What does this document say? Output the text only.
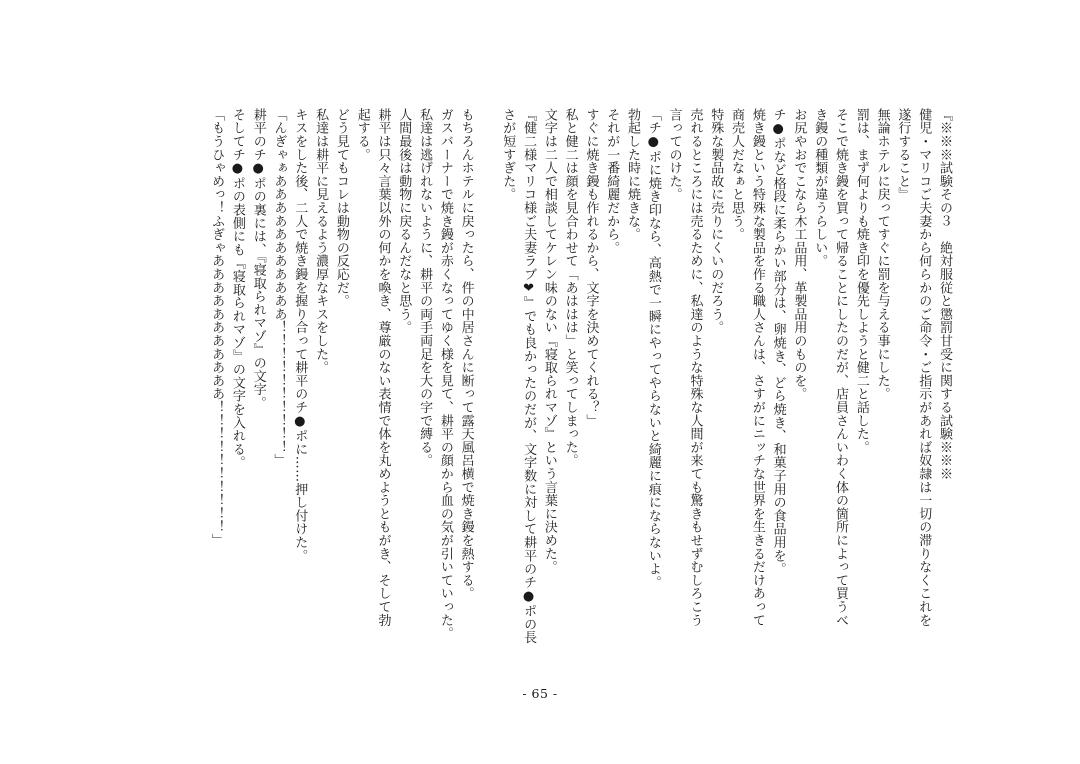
『※※※試験その３　絶対服従と懲罰甘受に関する試験※※※
健児・マリコご夫妻から何らかのご命令・ご指示があれば奴隷は一切の滞りなくこれを
遂行すること』
無論ホテルに戻ってすぐに罰を与える事にした。
罰は、まず何よりも焼き印を優先しようと健二と話した。
そこで焼き鏝を買って帰ることにしたのだが、店員さんいわく体の箇所によって買うべ
き鏝の種類が違うらしい。
お尻やおでこなら木工品用、革製品用のものを。
チ●ポなど格段に柔らかい部分は、卵焼き、どら焼き、和菓子用の食品用を。
焼き鏝という特殊な製品を作る職人さんは、さすがにニッチな世界を生きるだけあって
商売人だなぁと思う。
特殊な製品故に売りにくいのだろう。
売れるところには売るために、私達のような特殊な人間が来ても驚きもせずむしろこう
言ってのけた。
「チ●ポに焼き印なら、高熱で一瞬にやってやらないと綺麗に痕にならないよ。
勃起した時に焼きな。
それが一番綺麗だから。
すぐに焼き鏝も作れるから、文字を決めてくれる？」
私と健二は顔を見合わせて「あははは」と笑ってしまった。
文字は二人で相談してケレン味のない『寝取られマゾ』という言葉に決めた。
『健二様マリコ様ご夫妻ラブ❤』でも良かったのだが、文字数に対して耕平のチ●ポの長
さが短すぎた。

もちろんホテルに戻ったら、件の中居さんに断って露天風呂横で焼き鏝を熱する。
ガスバーナーで焼き鏝が赤くなってゆく様を見て、耕平の顔から血の気が引いていった。
私達は逃げれないように、耕平の両手両足を大の字で縛る。
人間最後は動物に戻るんだなと思う。
耕平は只々言葉以外の何かを喚き、尊厳のない表情で体を丸めようともがき、そして勃
起する。
どう見てもコレは動物の反応だ。
私達は耕平に見えるよう濃厚なキスをした。
キスをした後、二人で焼き鏝を握り合って耕平のチ●ポに……押し付けた。
「んぎゃぁあああああああああああ！！！！！！！！！！」
耕平のチ●ポの裏には、『寝取られマゾ』の文字。
そしてチ●ポの表側にも『寝取られマゾ』の文字を入れる。
「もうひゃめっ！ふぎゃあああああああああああ！！！！！！！！！！」
- 65 -
